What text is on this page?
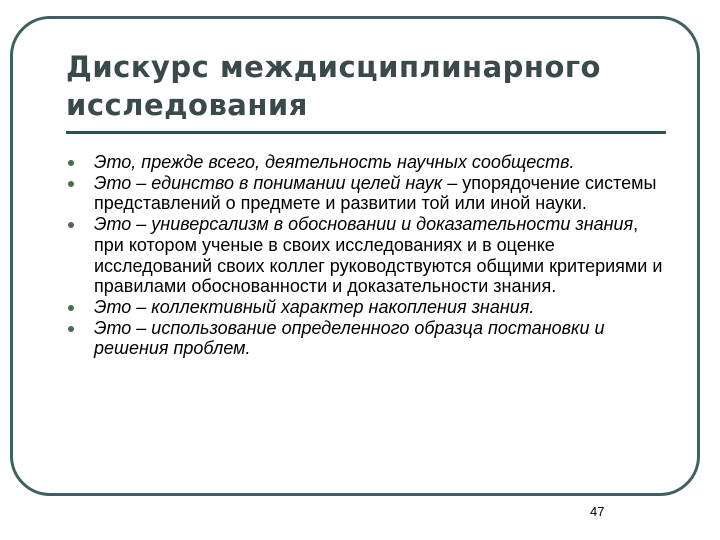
Дискурс междисциплинарного исследования
Это, прежде всего, деятельность научных сообществ.
Это – единство в понимании целей наук – упорядочение системы представлений о предмете и развитии той или иной науки.
Это – универсализм в обосновании и доказательности знания, при котором ученые в своих исследованиях и в оценке исследований своих коллег руководствуются общими критериями и правилами обоснованности и доказательности знания.
Это – коллективный характер накопления знания.
Это – использование определенного образца постановки и решения проблем.
47
